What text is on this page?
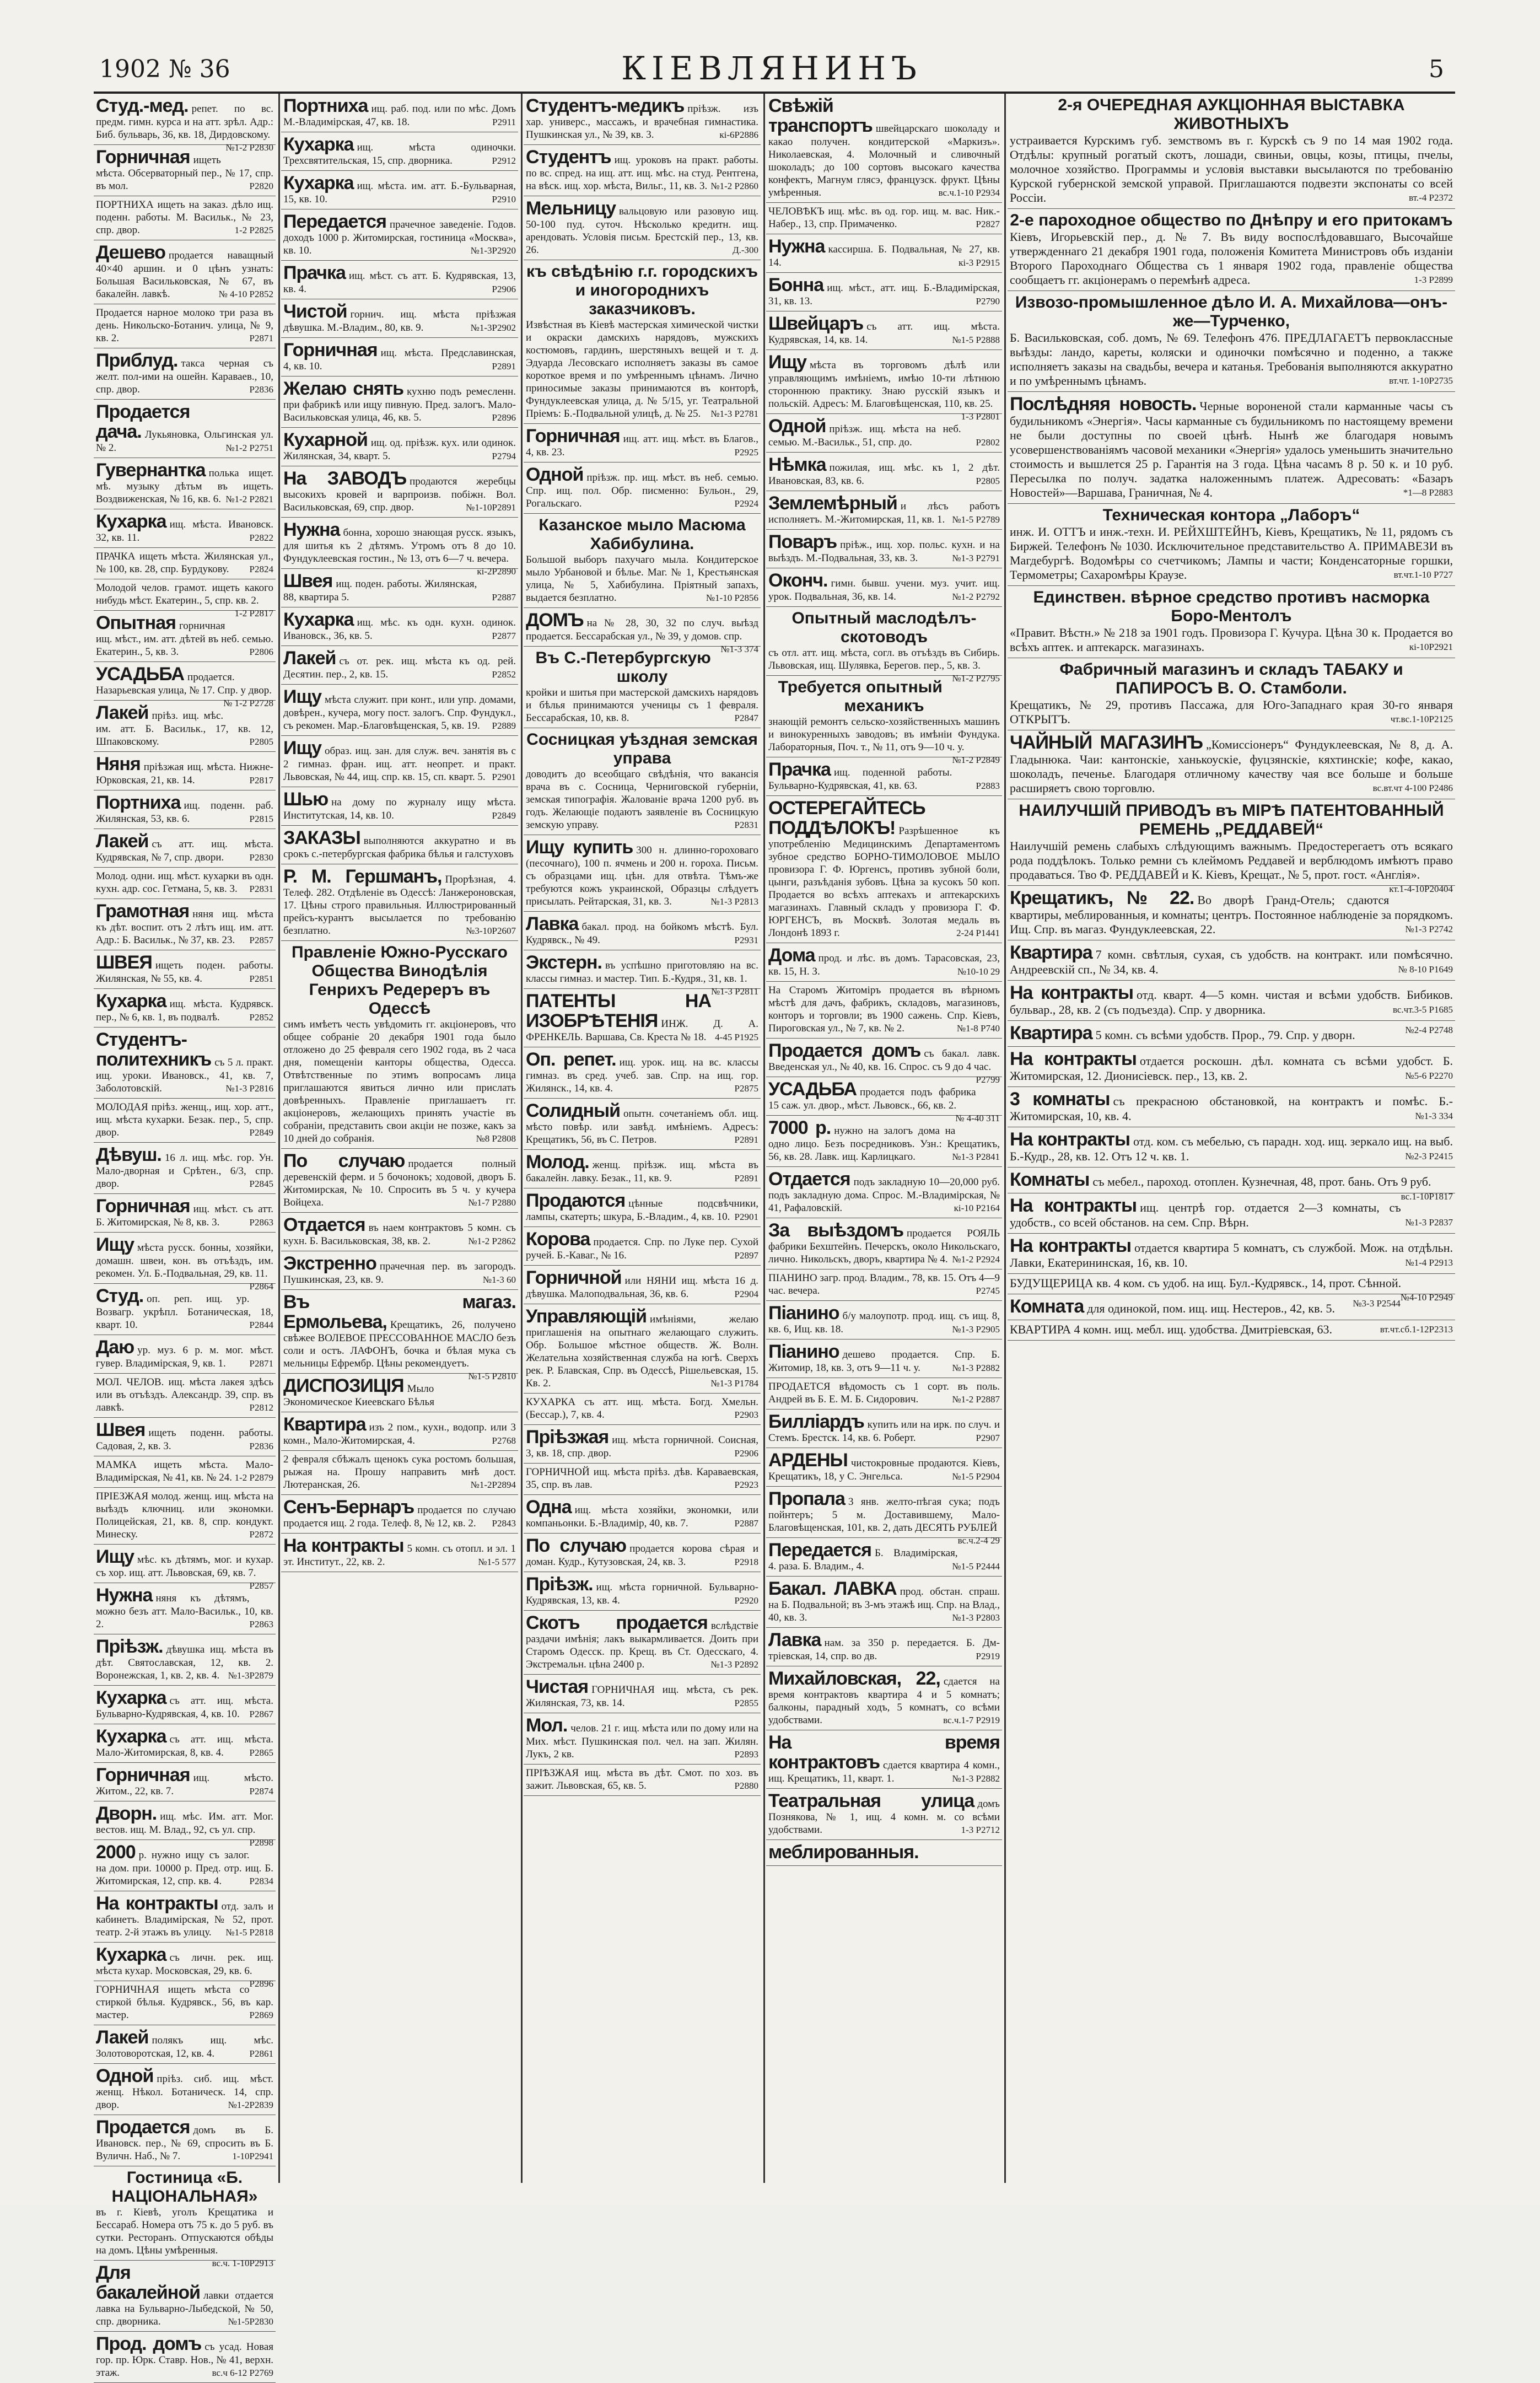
1902 № 36	КІЕВЛЯНИНЪ	5
Студ.-мед. репет. по вс. предм. гимн. курса и на атт. зрѣл. Адр.: Биб. бульварь, 36, кв. 18, Дирдовскому.
№1-2 P2830
Горничная ищеть мѣста. Обсерваторный пер., № 17, спр. въ мол.	P2820
ПОРТНИХА ищеть на заказ. дѣло ищ. поденн. работы. М. Васильк., № 23, спр. двор.	1-2 P2825
Дешево продается наващный 40×40 аршин. и 0 цѣнъ узнать: Большая Васильковская, № 67, въ бакалейн. лавкѣ.	№ 4-10 P2852
Продается нарное молоко три раза въ день. Никольско-Ботанич. улица, № 9, кв. 2.	P2871
Приблуд. такса черная съ желт. пол-ими на ошейн. Караваев., 10, спр. двор.	P2836
Продается дача. Лукьяновка, Ольгинская ул. № 2.	№1-2 P2751
Гувернантка полька ищет. мѣ. музыку дѣтьм въ ищеть. Воздвиженская, № 16, кв. 6. №1-2 P2821
Кухарка ищ. мѣста. Ивановск. 32, кв. 11.	P2822
ПРАЧКА ищеть мѣста. Жилянская ул., № 100, кв. 28, спр. Бурдукову. P2824
Молодой челов. грамот. ищеть какого нибудь мѣст. Екатерин., 5, спр. кв. 2.
1-2 P2817
Опытная горничная ищ. мѣст., им. атт. дѣтей въ неб. семью. Екатерин., 5, кв. 3.	P2806
УСАДЬБА продается. Назарьевская улица, № 17. Спр. у двор.
№ 1-2 P2728
Лакей пріѣз. ищ. мѣс. им. атт. Б. Васильк., 17, кв. 12, Шпаковскому.	P2805
Няня пріѣзжая ищ. мѣста. Нижне-Юрковская, 21, кв. 14.	P2817
Портниха ищ. поденн. раб. Жилянская, 53, кв. 6.	P2815
Лакей съ атт. ищ. мѣста. Кудрявская, № 7, спр. двори.	P2830
Молод. одни. ищ. мѣст. кухарки въ одн. кухн. адр. сос. Гетмана, 5, кв. 3. P2831
Грамотная няня ищ. мѣста къ дѣт. воспит. отъ 2 лѣтъ ищ. им. атт. Адр.: Б. Васильк., № 37, кв. 23. P2857
ШВЕЯ ищеть поден. работы. Жилянская, № 55, кв. 4.	P2851
Кухарка ищ. мѣста. Кудрявск. пер., № 6, кв. 1, въ подвалѣ.	P2852
Студентъ-политехникъ съ 5 л. практ. ищ. уроки. Ивановск., 41, кв. 7, Заболотовскій.	№1-3 P2816
МОЛОДАЯ пріѣз. женщ., ищ. хор. атт., ищ. мѣста кухарки. Безак. пер., 5, спр. двор.	P2849
Дѣвуш. 16 л. ищ. мѣс. гор. Ун. Мало-дворная и Срѣтен., 6/3, спр. двор.	P2845
Горничная ищ. мѣст. съ атт. Б. Житомирская, № 8, кв. 3.	P2863
Ищу мѣста русск. бонны, хозяйки, домашн. швеи, кон. въ отъѣздъ, им. рекомен. Ул. Б.-Подвальная, 29, кв. 11.
P2864
Студ. оп. реп. ищ. ур. Возвагр. укрѣпл. Ботаническая, 18, кварт. 10.	P2844
Даю ур. муз. 6 р. м. мог. мѣст. гувер. Владимірская, 9, кв. 1.	P2871
МОЛ. ЧЕЛОВ. ищ. мѣста лакея здѣсь или въ отъѣздъ. Александр. 39, спр. въ лавкѣ.	P2812
Швея ищеть поденн. работы. Садовая, 2, кв. 3.	P2836
МАМКА ищеть мѣста. Мало-Владимірская, № 41, кв. № 24. 1-2 P2879
ПРІЕЗЖАЯ молод. женщ. ищ. мѣста на выѣздъ ключниц. или экономки. Полицейская, 21, кв. 8, спр. кондукт. Минеску.	P2872
Ищу мѣс. къ дѣтямъ, мог. и кухар. съ хор. ищ. атт. Львовская, 69, кв. 7.
P2857
Нужна няня къ дѣтямъ, можно безъ атт. Мало-Васильк., 10, кв. 2.	P2863
Пріѣзж. дѣвушка ищ. мѣста въ дѣт. Святославская, 12, кв. 2. Воронежская, 1, кв. 2, кв. 4. №1-3P2879
Кухарка съ атт. ищ. мѣста. Бульварно-Кудрявская, 4, кв. 10. P2867
Кухарка съ атт. ищ. мѣста. Мало-Житомирская, 8, кв. 4.	P2865
Горничная ищ. мѣсто. Житом., 22, кв. 7.	P2874
Дворн. ищ. мѣс. Им. атт. Мог. вестов. ищ. М. Влад., 92, съ ул. спр.
P2898
2000 р. нужно ищу съ залог. на дом. при. 10000 р. Пред. отр. ищ. Б. Житомирская, 12, спр. кв. 4.	P2834
На контракты отд. залъ и кабинетъ. Владимірская, № 52, прот. театр. 2-й этажъ въ улицу. №1-5 P2818
Кухарка съ личн. рек. ищ. мѣста кухар. Московская, 29, кв. 6.
P2896
ГОРНИЧНАЯ ищеть мѣста со стиркой бѣлья. Кудрявск., 56, въ кар. мастер.	P2869
Лакей полякъ ищ. мѣс. Золотоворотская, 12, кв. 4.	P2861
Одной пріѣз. сиб. ищ. мѣст. женщ. Нѣкол. Ботаническ. 14, спр. двор.	№1-2P2839
Продается домъ въ Б. Ивановск. пер., № 69, спросить въ Б. Вуличн. Наб., № 7.	1-10P2941
Гостиница «Б. НАЦІОНАЛЬНАЯ»
въ г. Кіевѣ, уголъ Крещатика и Бессараб. Номера отъ 75 к. до 5 руб. въ сутки. Ресторанъ. Отпускаются обѣды на домъ. Цѣны умѣренныя.
вс.ч. 1-10P2913
Для бакалейной лавки отдается лавка на Бульварно-Лыбедской, № 50, спр. дворника.	№1-5P2830
Прод. домъ съ усад. Новая гор. пр. Юрк. Ставр. Нов., № 41, верхн. этаж.	вс.ч 6-12 P2769
Портниха ищ. раб. под. или по мѣс. Домъ М.-Владимірская, 47, кв. 18.	P2911
Кухарка ищ. мѣста одиночки. Трехсвятительская, 15, спр. дворника.	P2912
Кухарка ищ. мѣста. им. атт. Б.-Бульварная, 15, кв. 10.	P2910
Передается прачечное заведеніе. Годов. доходъ 1000 р. Житомирская, гостиница «Москва», кв. 10.	№1-3P2920
Прачка ищ. мѣст. съ атт. Б. Кудрявская, 13, кв. 4.	P2906
Чистой горнич. ищ. мѣста пріѣзжая дѣвушка. М.-Владим., 80, кв. 9.	№1-3P2902
Горничная ищ. мѣста. Предславинская, 4, кв. 10.	P2891
Желаю снять кухню подъ ремесленн. при фабрикѣ или ищу пивную. Пред. залогъ. Мало-Васильковская улица, 46, кв. 5.	P2896
Кухарной ищ. од. пріѣзж. кух. или одинок. Жилянская, 34, кварт. 5.	P2794
На ЗАВОДЪ продаются жеребцы высокихъ кровей и варпроизв. побіжн. Вол. Васильковская, 69, спр. двор.	№1-10P2891
Нужна бонна, хорошо знающая русск. языкъ, для шитья къ 2 дѣтямъ. Утромъ отъ 8 до 10. Фундуклеевская гостин., № 13, отъ 6—7 ч. вечера.
кі-2P2890
Швея ищ. поден. работы. Жилянская, 88, квартира 5.	P2887
Кухарка ищ. мѣс. къ одн. кухн. одинок. Ивановск., 36, кв. 5.	P2877
Лакей съ от. рек. ищ. мѣста къ од. рей. Десятин. пер., 2, кв. 15.	P2852
Ищу мѣста служит. при конт., или упр. домами, довѣрен., кучера, могу пост. залогъ. Спр. Фундукл., съ рекомен. Мар.-Благовѣщенская, 5, кв. 19. P2889
Ищу образ. ищ. зан. для служ. веч. занятія въ с 2 гимназ. фран. ищ. атт. неопрет. и практ. Львовская, № 44, ищ. спр. кв. 15, сп. кварт. 5. P2901
Шью на дому по журналу ищу мѣста. Институтская, 14, кв. 10.	P2849
ЗАКАЗЫ выполняются аккуратно и въ срокъ с.-петербургская фабрика бѣлья и галстуховъ
Р. М. Гершманъ, Прорѣзная, 4. Телеф. 282. Отдѣленіе въ Одессѣ: Ланжероновская, 17. Цѣны строго правильныя. Иллюстрированный прейсъ-курантъ высылается по требованію безплатно.	№3-10P2607
Правленіе Южно-Русскаго Общества Винодѣлія Генрихъ Редереръ въ Одессѣ
симъ имѣетъ честь увѣдомить гг. акціонеровъ, что общее собраніе 20 декабря 1901 года было отложено до 25 февраля сего 1902 года, въ 2 часа дня, помещеніи канторы общества, Одесса. Отвѣтственные по этимъ вопросамъ лица приглашаются явиться лично или прислать довѣренныхъ. Правленіе приглашаетъ гг. акціонеровъ, желающихъ принять участіе въ собраніи, представить свои акціи не позже, какъ за 10 дней до собранія.	№8 P2808
По случаю продается полный деревенскій ферм. и 5 бочонокъ; ходовой, дворъ Б. Житомирская, № 10. Спросить въ 5 ч. у кучера Войцеха.	№1-7 P2880
Отдается въ наем контрактовъ 5 комн. съ кухн. Б. Васильковская, 38, кв. 2.	№1-2 P2862
Экстренно прачечная пер. въ загородъ. Пушкинская, 23, кв. 9.	№1-3 60
Въ магаз. Ермольева, Крещатикъ, 26, получено свѣжее ВОЛЕВОЕ ПРЕССОВАННОЕ МАСЛО безъ соли и остъ. ЛАФОНЪ, бочка и бѣлая мука съ мельницы Ефрембр. Цѣны рекомендуетъ.
№1-5 P2810
ДИСПОЗИЦІЯ Мыло Экономическое Киеевскаго Бѣлья
Квартира изъ 2 пом., кухн., водопр. или 3 комн., Мало-Житомирская, 4.	P2768
2 февраля сбѣжалъ щенокъ сука ростомъ большая, рыжая на. Прошу направить мнѣ дост. Лютеранская, 26.	№1-2P2894
Сенъ-Бернаръ продается по случаю продается ищ. 2 года. Телеф. 8, № 12, кв. 2. P2843
На контракты 5 комн. съ отопл. и эл. 1 эт. Институт., 22, кв. 2.	№1-5 577
Студентъ-медикъ пріѣзж. изъ хар. универс., массажъ, и врачебная гимнастика. Пушкинская ул., № 39, кв. 3.	кі-6P2886
Студентъ ищ. уроковъ на практ. работы. по вс. спред. на ищ. атт. ищ. мѣс. на студ. Рентгена, на вѣск. ищ. хор. мѣста, Вильг., 11, кв. 3. №1-2 P2860
Мельницу вальцовую или разовую ищ. 50-100 пуд. суточ. Нѣсколько кредитн. ищ. арендовать. Условія письм. Брестскій пер., 13, кв. 26.	Д.-З00
къ свѣдѣнію г.г. городскихъ и иногороднихъ заказчиковъ.
Извѣстная въ Кіевѣ мастерская химической чистки и окраски дамскихъ нарядовъ, мужскихъ костюмовъ, гардинъ, шерстяныхъ вещей и т. д. Эдуарда Лесовскаго исполняетъ заказы въ самое короткое время и по умѣреннымъ цѣнамъ. Лично приносимые заказы принимаются въ конторѣ, Фундуклеевская улица, д. № 5/15, уг. Театральной Пріемъ: Б.-Подвальной улицѣ, д. № 25. №1-3 P2781
Горничная ищ. атт. ищ. мѣст. въ Благов., 4, кв. 23.	P2925
Одной пріѣзж. пр. ищ. мѣст. въ неб. семью. Спр. ищ. пол. Обр. писменно: Бульон., 29, Рогальскаго.	P2924
Казанское мыло Масюма Хабибулина.
Большой выборъ пахучаго мыла. Кондитерское мыло Урбановой и бѣлье. Маг. № 1, Крестьянская улица, № 5, Хабибулина. Пріятный запахъ, выдается безплатно.	№1-10 P2856
ДОМЪ на № 28, 30, 32 по случ. выѣзд продается. Бессарабская ул., № 39, у домов. спр.
№1-3 374
Въ С.-Петербургскую школу
кройки и шитья при мастерской дамскихъ нарядовъ и бѣлья принимаются ученицы съ 1 февраля. Бессарабская, 10, кв. 8.	P2847
Сосницкая уѣздная земская управа
доводитъ до всеобщаго свѣдѣнія, что вакансія врача въ с. Сосница, Черниговской губерніи, земская типографія. Жалованіе врача 1200 руб. въ годъ. Желающіе подаютъ заявленіе въ Сосницкую земскую управу.	P2831
Ищу купить 300 н. длинно-гороховаго (песочнаго), 100 п. ячмень и 200 н. гороха. Письм. съ образцами ищ. цѣн. для отвѣта. Тѣмъ-же требуются кожъ украинской, Образцы слѣдуетъ присылать. Рейтарская, 31, кв. 3.	№1-3 P2813
Лавка бакал. прод. на бойкомъ мѣстѣ. Бул. Кудрявск., № 49.	P2931
Экстерн. въ успѣшно приготовляю на вс. классы гимназ. и мастер. Тип. Б.-Кудря., 31, кв. 1.
№1-3 P2811
ПАТЕНТЫ НА ИЗОБРѢТЕНІЯ ИНЖ. Д. А. ФРЕНКЕЛЬ. Варшава, Св. Креста № 18. 4-45 P1925
Оп. репет. ищ. урок. ищ. на вс. классы гимназ. въ сред. учеб. зав. Спр. на ищ. гор. Жилянск., 14, кв. 4.	P2875
Солидный опытн. сочетаніемъ обл. ищ. мѣсто повѣр. или завѣд. имѣніемъ. Адресъ: Крещатикъ, 56, въ С. Петров.	P2891
Молод. женщ. пріѣзж. ищ. мѣста въ бакалейн. лавку. Безак., 11, кв. 9.	P2891
Продаются цѣнные подсвѣчники, лампы, скатерть; шкура, Б.-Владим., 4, кв. 10. P2901
Корова продается. Спр. по Луке пер. Сухой ручей. Б.-Каваг., № 16.	P2897
Горничной или НЯНИ ищ. мѣста 16 д. дѣвушка. Малоподвальная, 36, кв. 6.	P2904
Управляющій имѣніями, желаю приглашенія на опытнаго желающаго служить. Обр. Большое мѣстное обществ. Ж. Волн. Желательна хозяйственная служба на югѣ. Сверхъ рек. Р. Блавская, Спр. въ Одессѣ, Рішельевская, 15. Кв. 2.	№1-3 P1784
КУХАРКА съ атт. ищ. мѣста. Богд. Хмельн. (Бессар.), 7, кв. 4.	P2903
Пріѣзжая ищ. мѣста горничной. Соисная, 3, кв. 18, спр. двор.	P2906
ГОРНИЧНОЙ ищ. мѣста пріѣз. дѣв. Караваевская, 35, спр. въ лав.	P2923
Одна ищ. мѣста хозяйки, экономки, или компаньонки. Б.-Владимір, 40, кв. 7.	P2887
По случаю продается корова сѣрая и доман. Кудр., Кутузовская, 24, кв. 3.	P2918
Пріѣзж. ищ. мѣста горничной. Бульварно-Кудрявская, 13, кв. 4.	P2920
Скотъ продается вслѣдствіе раздачи имѣнія; лакъ выкармливается. Доить при Старомъ Одесск. пр. Крещ. въ Ст. Одесскаго, 4. Экстремальн. цѣна 2400 р.	№1-3 P2892
Чистая ГОРНИЧНАЯ ищ. мѣста, съ рек. Жилянская, 73, кв. 14.	P2855
Мол. челов. 21 г. ищ. мѣста или по дому или на Мих. мѣст. Пушкинская пол. чел. на зап. Жилян. Лукъ, 2 кв.	P2893
ПРІѢЗЖАЯ ищ. мѣста въ дѣт. Смот. по хоз. въ зажит. Львовская, 65, кв. 5.	P2880
Свѣжій транспортъ швейцарскаго шоколаду и какао получен. кондитерской «Маркизъ». Николаевская, 4. Молочный и сливочный шоколадъ; до 100 сортовъ высокаго качества конфектъ, Магнум глясэ, французск. фрукт. Цѣны умѣренныя.	вс.ч.1-10 P2934
ЧЕЛОВѢКЪ ищ. мѣс. въ од. гор. ищ. м. вас. Ник.-Набер., 13, спр. Примаченко.	P2827
Нужна кассирша. Б. Подвальная, № 27, кв. 14.	кі-3 P2915
Бонна ищ. мѣст., атт. ищ. Б.-Владимірская, 31, кв. 13.	P2790
Швейцаръ съ атт. ищ. мѣста. Кудрявская, 14, кв. 14.	№1-5 P2888
Ищу мѣста въ торговомъ дѣлѣ или управляющимъ имѣніемъ, имѣю 10-ти лѣтнюю стороннюю практику. Знаю русскій языкъ и польскій. Адресъ: М. Благовѣщенская, 110, кв. 25.
1-3 P2801
Одной пріѣзж. ищ. мѣста на неб. семью. М.-Васильк., 51, спр. до.	P2802
Нѣмка пожилая, ищ. мѣс. къ 1, 2 дѣт. Ивановская, 83, кв. 6.	P2805
Землемѣрный и лѣсъ работъ исполняетъ. М.-Житомирская, 11, кв. 1. №1-5 P2789
Поваръ пріѣж., ищ. хор. польс. кухн. и на выѣздъ. М.-Подвальная, 33, кв. 3.	№1-3 P2791
Оконч. гимн. бывш. учени. муз. учит. ищ. урок. Подвальная, 36, кв. 14.	№1-2 P2792
Опытный маслодѣлъ-скотоводъ
съ отл. атт. ищ. мѣста, согл. въ отъѣздъ въ Сибирь. Львовская, ищ. Шулявка, Берегов. пер., 5, кв. 3.
№1-2 P2795
Требуется опытный механикъ
знающій ремонтъ сельско-хозяйственныхъ машинъ и винокуренныхъ заводовъ; въ имѣніи Фундука. Лабораторныя, Поч. т., № 11, отъ 9—10 ч. у.
№1-2 P2849
Прачка ищ. поденной работы. Бульварно-Кудрявская, 41, кв. 63.	P2883
ОСТЕРЕГАЙТЕСЬ ПОДДѢЛОКЪ! Разрѣшенное къ употребленію Медицинскимъ Департаментомъ зубное средство БОРНО-ТИМОЛОВОЕ МЫЛО провизора Г. Ф. Юргенсъ, противъ зубной боли, цынги, разъѣданія зубовъ. Цѣна за кусокъ 50 коп. Продается во всѣхъ аптекахъ и аптекарскихъ магазинахъ. Главный складъ у провизора Г. Ф. ЮРГЕНСЪ, въ Москвѣ. Золотая медаль въ Лондонѣ 1893 г.	2-24 P1441
Дома прод. и лѣс. въ домъ. Тарасовская, 23, кв. 15, Н. З.	№10-10 29
На Старомъ Житоміръ продается въ вѣрномъ мѣстѣ для дачъ, фабрикъ, складовъ, магазиновъ, конторъ и торговли; въ 1900 сажень. Спр. Кіевъ, Пироговская ул., № 7, кв. № 2.	№1-8 P740
Продается домъ съ бакал. лавк. Введенская ул., № 40, кв. 16. Спрос. съ 9 до 4 час.
P2799
УСАДЬБА продается подъ фабрика 15 саж. ул. двор., мѣст. Львовск., 66, кв. 2.
№ 4-40 311
7000 р. нужно на залогъ дома на одно лицо. Безъ посредниковъ. Узн.: Крещатикъ, 56, кв. 28. Лавк. ищ. Карлицкаго.	№1-3 P2841
Отдается подъ закладную 10—20,000 руб. подъ закладную дома. Спрос. М.-Владимірская, № 41, Рафаловскій.	кі-10 P2164
За выѣздомъ продается РОЯЛЬ фабрики Бехштейнъ. Печерскъ, около Никольскаго, лично. Никольскъ, дворъ, квартира № 4. №1-2 P2924
ПІАНИНО загр. прод. Владим., 78, кв. 15. Отъ 4—9 час. вечера.	P2745
Піанино б/у малоупотр. прод. ищ. съ ищ. 8, кв. 6, Ищ. кв. 18.	№1-3 P2905
Піанино дешево продается. Спр. Б. Житомир, 18, кв. 3, отъ 9—11 ч. у.	№1-3 P2882
ПРОДАЕТСЯ вѣдомость съ 1 сорт. въ поль. Андрей въ Б. Е. М. Б. Сидорович.	№1-2 P2887
Билліардъ купить или на ирк. по случ. и Стемъ. Брестск. 14, кв. 6. Роберт.	P2907
АРДЕНЫ чистокровные продаются. Кіевъ, Крещатикъ, 18, у С. Энгельса.	№1-5 P2904
Пропала 3 янв. желто-пѣгая сука; подъ пойнтеръ; 5 м. Доставившему, Мало-Благовѣщенская, 101, кв. 2, дать ДЕСЯТЬ РУБЛЕЙ
вс.ч.2-4 29
Передается Б. Владимірская, 4. раза. Б. Владим., 4.	№1-5 P2444
Бакал. ЛАВКА прод. обстан. спраш. на Б. Подвальной; въ 3-мъ этажѣ ищ. Спр. на Влад., 40, кв. 3.	№1-3 P2803
Лавка нам. за 350 р. передается. Б. Дм-тріевская, 14, спр. во дв.	P2919
Михайловская, 22, сдается на время контрактовъ квартира 4 и 5 комнатъ; балконы, парадный ходъ, 5 комнатъ, со всѣми удобствами.	вс.ч.1-7 P2919
На время контрактовъ сдается квартира 4 комн., ищ. Крещатикъ, 11, кварт. 1.	№1-3 P2882
Театральная улица домъ Познякова, № 1, ищ. 4 комн. м. со всѣми удобствами.	1-3 Р2712
меблированныя.
2-я ОЧЕРЕДНАЯ АУКЦІОННАЯ ВЫСТАВКА ЖИВОТНЫХЪ
устраивается Курскимъ губ. земствомъ въ г. Курскѣ съ 9 по 14 мая 1902 года. Отдѣлы: крупный рогатый скотъ, лошади, свиньи, овцы, козы, птицы, пчелы, молочное хозяйство. Программы и условія выставки высылаются по требованію Курской губернской земской управой. Приглашаются подвезти экспонаты со всей Россіи.	вт.-4 P2372
2-е пароходное общество по Днѣпру и его притокамъ
Кіевъ, Игорьевскій пер., д. № 7. Въ виду воспослѣдовавшаго, Высочайше утвержденнаго 21 декабря 1901 года, положенія Комитета Министровъ объ изданіи Второго Пароходнаго Общества съ 1 января 1902 года, правленіе общества сообщаетъ гг. акціонерамъ о перемѣнѣ адреса.	1-3 P2899
Извозо-промышленное дѣло И. А. Михайлова—онъ-же—Турченко,
Б. Васильковская, соб. домъ, № 69. Телефонъ 476. ПРЕДЛАГАЕТЪ первоклассные выѣзды: ландо, кареты, коляски и одиночки помѣсячно и поденно, а также исполняетъ заказы на свадьбы, вечера и катанья. Требованія выполняются аккуратно и по умѣреннымъ цѣнамъ.	вт.чт. 1-10P2735
Послѣдняя новость. Черные вороненой стали карманные часы съ будильникомъ «Энергія». Часы карманные съ будильникомъ по настоящему времени не были доступны по своей цѣнѣ. Нынѣ же благодаря новымъ усовершенствованіямъ часовой механики «Энергія» удалось уменьшить значительно стоимость и вышлется 25 р. Гарантія на 3 года. Цѣна часамъ 8 р. 50 к. и 10 руб. Пересылка по получ. задатка наложеннымъ платеж. Адресовать: «Базаръ Новостей»—Варшава, Граничная, № 4.	*1—8 P2883
Техническая контора „Лаборъ“
инж. И. ОТТЪ и инж.-техн. И. РЕЙХШТЕЙНЪ, Кіевъ, Крещатикъ, № 11, рядомъ съ Биржей. Телефонъ № 1030. Исключительное представительство А. ПРИМАВЕЗИ въ Магдебургѣ. Водомѣры со счетчикомъ; Лампы и части; Конденсаторные горшки, Термометры; Сахаромѣры Краузе.	вт.чт.1-10 P727
Единствен. вѣрное средство противъ насморка Боро-Ментолъ
«Правит. Вѣстн.» № 218 за 1901 годъ. Провизора Г. Кучура. Цѣна 30 к. Продается во всѣхъ аптек. и аптекарск. магазинахъ.	кі-10P2921
Фабричный магазинъ и складъ ТАБАКУ и ПАПИРОСЪ В. О. Стамболи.
Крещатикъ, № 29, противъ Пассажа, для Юго-Западнаго края 30-го января ОТКРЫТЪ.	чт.вс.1-10P2125
ЧАЙНЫЙ МАГАЗИНЪ „Комиссіонеръ“ Фундуклеевская, № 8, д. А. Гладынюка. Чаи: кантонскіе, ханькоускіе, фуцзянскіе, кяхтинскіе; кофе, какао, шоколадъ, печенье. Благодаря отличному качеству чая все больше и больше расширяетъ свою торговлю.	вс.вт.чт 4-100 P2486
НАИЛУЧШІЙ ПРИВОДЪ въ МІРѢ ПАТЕНТОВАННЫЙ РЕМЕНЬ „РЕДДАВЕЙ“
Наилучшій ремень слабыхъ слѣдующимъ важнымъ. Предостерегаетъ отъ всякаго рода поддѣлокъ. Только ремни съ клеймомъ Реддавей и верблюдомъ имѣютъ право продаваться. Тво Ф. РЕДДАВЕЙ и К. Кіевъ, Крещат., № 5, прот. гост. «Англія».
кт.1-4-10P20404
Крещатикъ, № 22. Во дворѣ Гранд-Отель; сдаются квартиры, меблированныя, и комнаты; центръ. Постоянное наблюденіе за порядкомъ. Ищ. Спр. въ магаз. Фундуклеевская, 22.	№1-3 P2742
Квартира 7 комн. свѣтлыя, сухая, съ удобств. на контракт. или помѣсячно. Андреевскій сп., № 34, кв. 4.	№ 8-10 P1649
На контракты отд. кварт. 4—5 комн. чистая и всѣми удобств. Бибиков. бульвар., 28, кв. 2 (съ подъезда). Спр. у дворника.	вс.чт.3-5 P1685
Квартира 5 комн. съ всѣми удобств. Прор., 79. Спр. у дворн.	№2-4 P2748
На контракты отдается роскошн. дѣл. комната съ всѣми удобст. Б. Житомирская, 12. Дионисіевск. пер., 13, кв. 2.	№5-6 P2270
3 комнаты съ прекрасною обстановкой, на контрактъ и помѣс. Б.-Житомирская, 10, кв. 4.	№1-3 334
На контракты отд. ком. съ мебелью, съ парадн. ход. ищ. зеркало ищ. на выб. Б.-Кудр., 28, кв. 12. Отъ 12 ч. кв. 1.	№2-3 P2415
Комнаты съ мебел., пароход. отоплен. Кузнечная, 48, прот. бань. Отъ 9 руб.
вс.1-10P1817
На контракты ищ. центрѣ гор. отдается 2—3 комнаты, съ удобств., со всей обстанов. на сем. Спр. Вѣрн.	№1-3 P2837
На контракты отдается квартира 5 комнатъ, съ службой. Мож. на отдѣльн. Лавки, Екатерининская, 16, кв. 10.	№1-4 P2913
БУДУЩЕРИЦА кв. 4 ком. съ удоб. на ищ. Бул.-Кудрявск., 14, прот. Сѣнной.
№4-10 P2949
Комната для одинокой, пом. ищ. ищ. Нестеров., 42, кв. 5. №3-3 P2544
КВАРТИРА 4 комн. ищ. мебл. ищ. удобства. Дмитріевская, 63.	вт.чт.сб.1-12P2313
